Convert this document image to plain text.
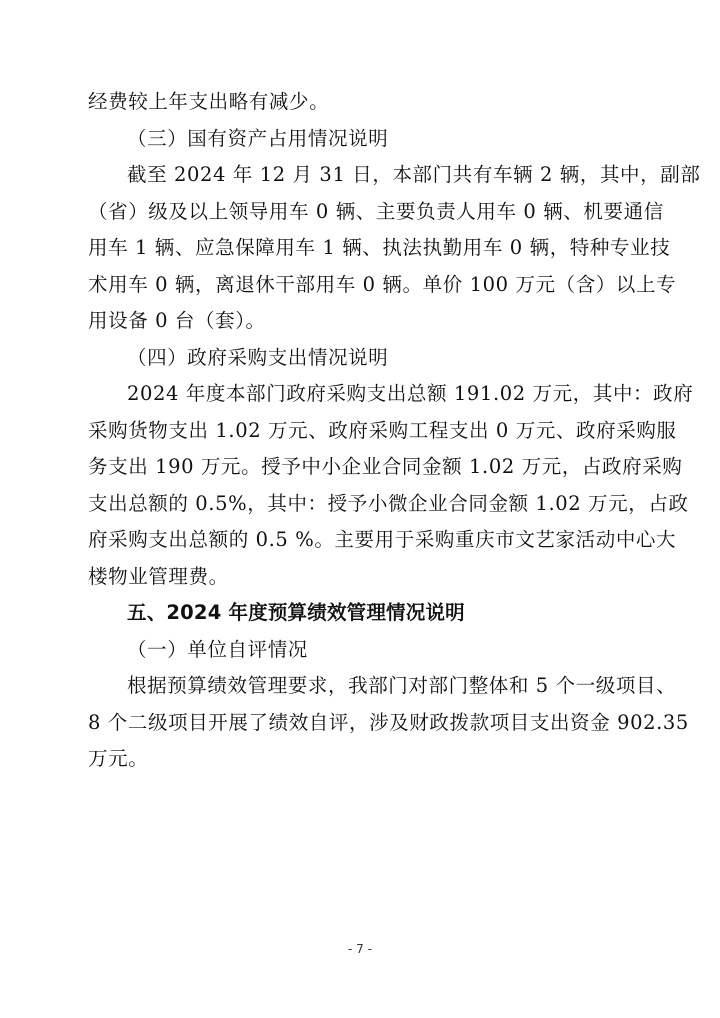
经费较上年支出略有减少。
（三）国有资产占用情况说明
截至 2024 年 12 月 31 日，本部门共有车辆 2 辆，其中，副部
（省）级及以上领导用车 0 辆、主要负责人用车 0 辆、机要通信
用车 1 辆、应急保障用车 1 辆、执法执勤用车 0 辆，特种专业技
术用车 0 辆，离退休干部用车 0 辆。单价 100 万元（含）以上专
用设备 0 台（套）。
（四）政府采购支出情况说明
2024 年度本部门政府采购支出总额 191.02 万元，其中：政府
采购货物支出 1.02 万元、政府采购工程支出 0 万元、政府采购服
务支出 190 万元。授予中小企业合同金额 1.02 万元，占政府采购
支出总额的 0.5%，其中：授予小微企业合同金额 1.02 万元，占政
府采购支出总额的 0.5 %。主要用于采购重庆市文艺家活动中心大
楼物业管理费。
五、2024 年度预算绩效管理情况说明
（一）单位自评情况
根据预算绩效管理要求，我部门对部门整体和 5 个一级项目、
8 个二级项目开展了绩效自评，涉及财政拨款项目支出资金 902.35
万元。
- 7 -
